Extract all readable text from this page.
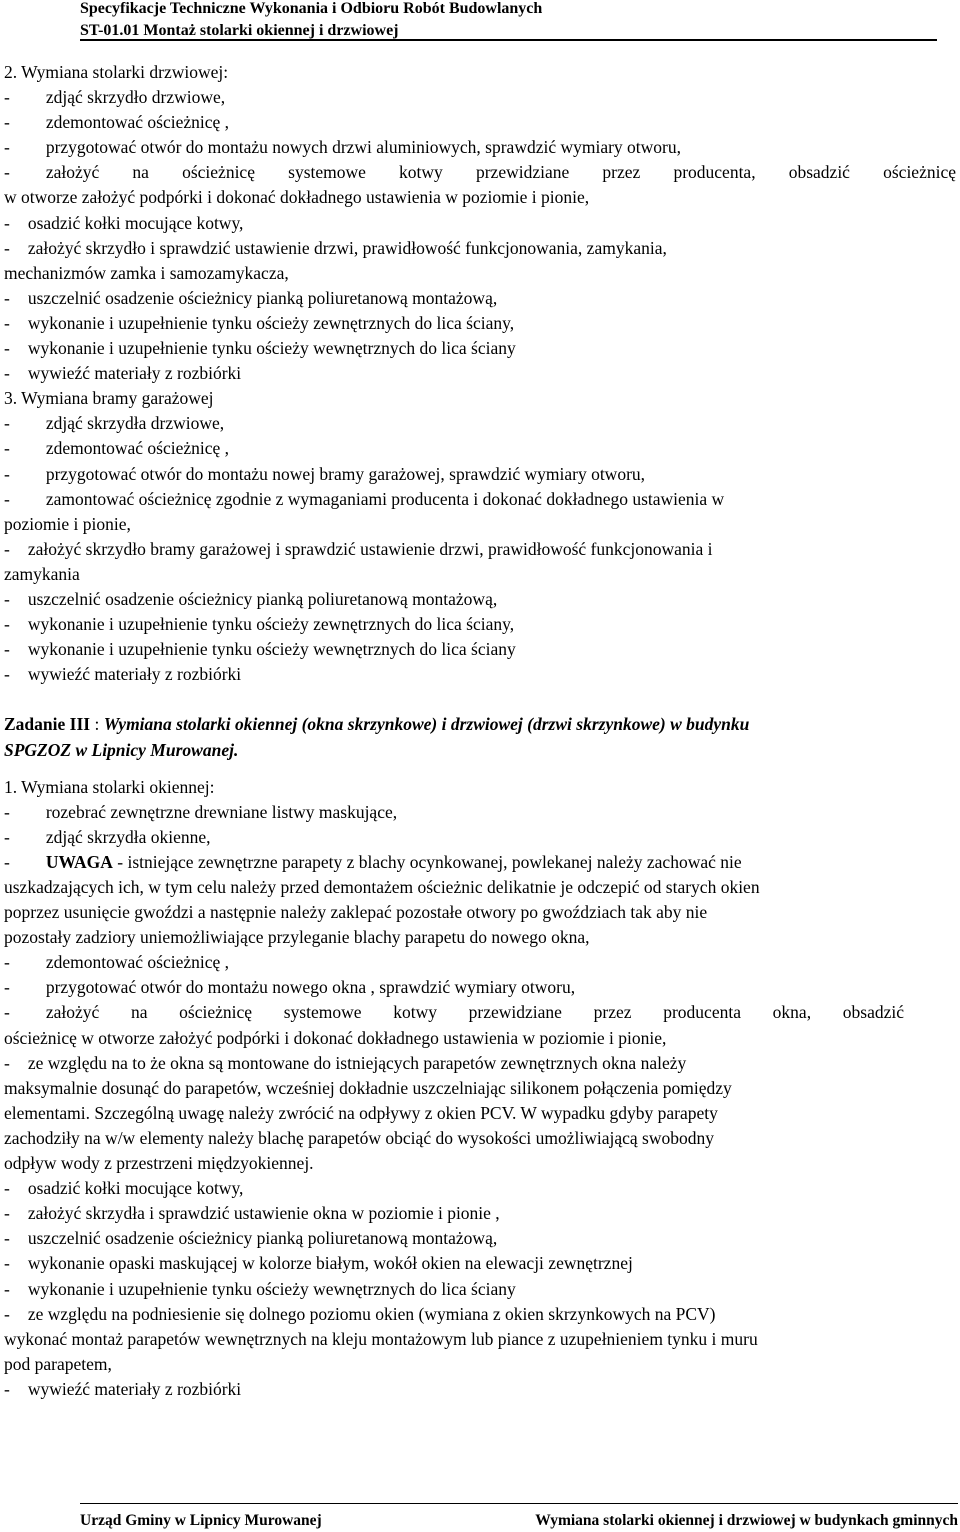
Specyfikacje Techniczne Wykonania i Odbioru Robót Budowlanych
ST-01.01 Montaż stolarki okiennej i drzwiowej
2. Wymiana stolarki drzwiowej:
- zdjąć skrzydło drzwiowe,
- zdemontować ościeżnicę ,
- przygotować otwór do montażu nowych drzwi aluminiowych, sprawdzić wymiary otworu,
- założyć na ościeżnicę systemowe kotwy przewidziane przez producenta, obsadzić ościeżnicę
w otworze założyć podpórki i dokonać dokładnego ustawienia w poziomie i pionie,
- osadzić kołki mocujące kotwy,
- założyć skrzydło i sprawdzić ustawienie drzwi, prawidłowość funkcjonowania, zamykania,
mechanizmów zamka i samozamykacza,
- uszczelnić osadzenie ościeżnicy pianką poliuretanową montażową,
- wykonanie i uzupełnienie tynku ościeży zewnętrznych do lica ściany,
- wykonanie i uzupełnienie tynku ościeży wewnętrznych do lica ściany
- wywieźć materiały z rozbiórki
3. Wymiana bramy garażowej
- zdjąć skrzydła drzwiowe,
- zdemontować ościeżnicę ,
- przygotować otwór do montażu nowej bramy garażowej, sprawdzić wymiary otworu,
- zamontować ościeżnicę zgodnie z wymaganiami producenta i dokonać dokładnego ustawienia w
poziomie i pionie,
- założyć skrzydło bramy garażowej i sprawdzić ustawienie drzwi, prawidłowość funkcjonowania i
zamykania
- uszczelnić osadzenie ościeżnicy pianką poliuretanową montażową,
- wykonanie i uzupełnienie tynku ościeży zewnętrznych do lica ściany,
- wykonanie i uzupełnienie tynku ościeży wewnętrznych do lica ściany
- wywieźć materiały z rozbiórki
Zadanie III : Wymiana stolarki okiennej (okna skrzynkowe) i drzwiowej (drzwi skrzynkowe) w budynku
SPGZOZ w Lipnicy Murowanej.
1. Wymiana stolarki okiennej:
- rozebrać zewnętrzne drewniane listwy maskujące,
- zdjąć skrzydła okienne,
- UWAGA - istniejące zewnętrzne parapety z blachy ocynkowanej, powlekanej należy zachować nie
uszkadzających ich, w tym celu należy przed demontażem ościeżnic delikatnie je odczepić od starych okien
poprzez usunięcie gwoździ a następnie należy zaklepać pozostałe otwory po gwoździach tak aby nie
pozostały zadziory uniemożliwiające przyleganie blachy parapetu do nowego okna,
- zdemontować ościeżnicę ,
- przygotować otwór do montażu nowego okna , sprawdzić wymiary otworu,
- założyć na ościeżnicę systemowe kotwy przewidziane przez producenta okna, obsadzić
ościeżnicę w otworze założyć podpórki i dokonać dokładnego ustawienia w poziomie i pionie,
- ze względu na to że okna są montowane do istniejących parapetów zewnętrznych okna należy
maksymalnie dosunąć do parapetów, wcześniej dokładnie uszczelniając silikonem połączenia pomiędzy
elementami. Szczególną uwagę należy zwrócić na odpływy z okien PCV. W wypadku gdyby parapety
zachodziły na w/w elementy należy blachę parapetów obciąć do wysokości umożliwiającą swobodny
odpływ wody z przestrzeni międzyokiennej.
- osadzić kołki mocujące kotwy,
- założyć skrzydła i sprawdzić ustawienie okna w poziomie i pionie ,
- uszczelnić osadzenie ościeżnicy pianką poliuretanową montażową,
- wykonanie opaski maskującej w kolorze białym, wokół okien na elewacji zewnętrznej
- wykonanie i uzupełnienie tynku ościeży wewnętrznych do lica ściany
- ze względu na podniesienie się dolnego poziomu okien (wymiana z okien skrzynkowych na PCV)
wykonać montaż parapetów wewnętrznych na kleju montażowym lub piance z uzupełnieniem tynku i muru
pod parapetem,
- wywieźć materiały z rozbiórki
Urząd Gminy w Lipnicy Murowanej	Wymiana stolarki okiennej i drzwiowej w budynkach gminnych
